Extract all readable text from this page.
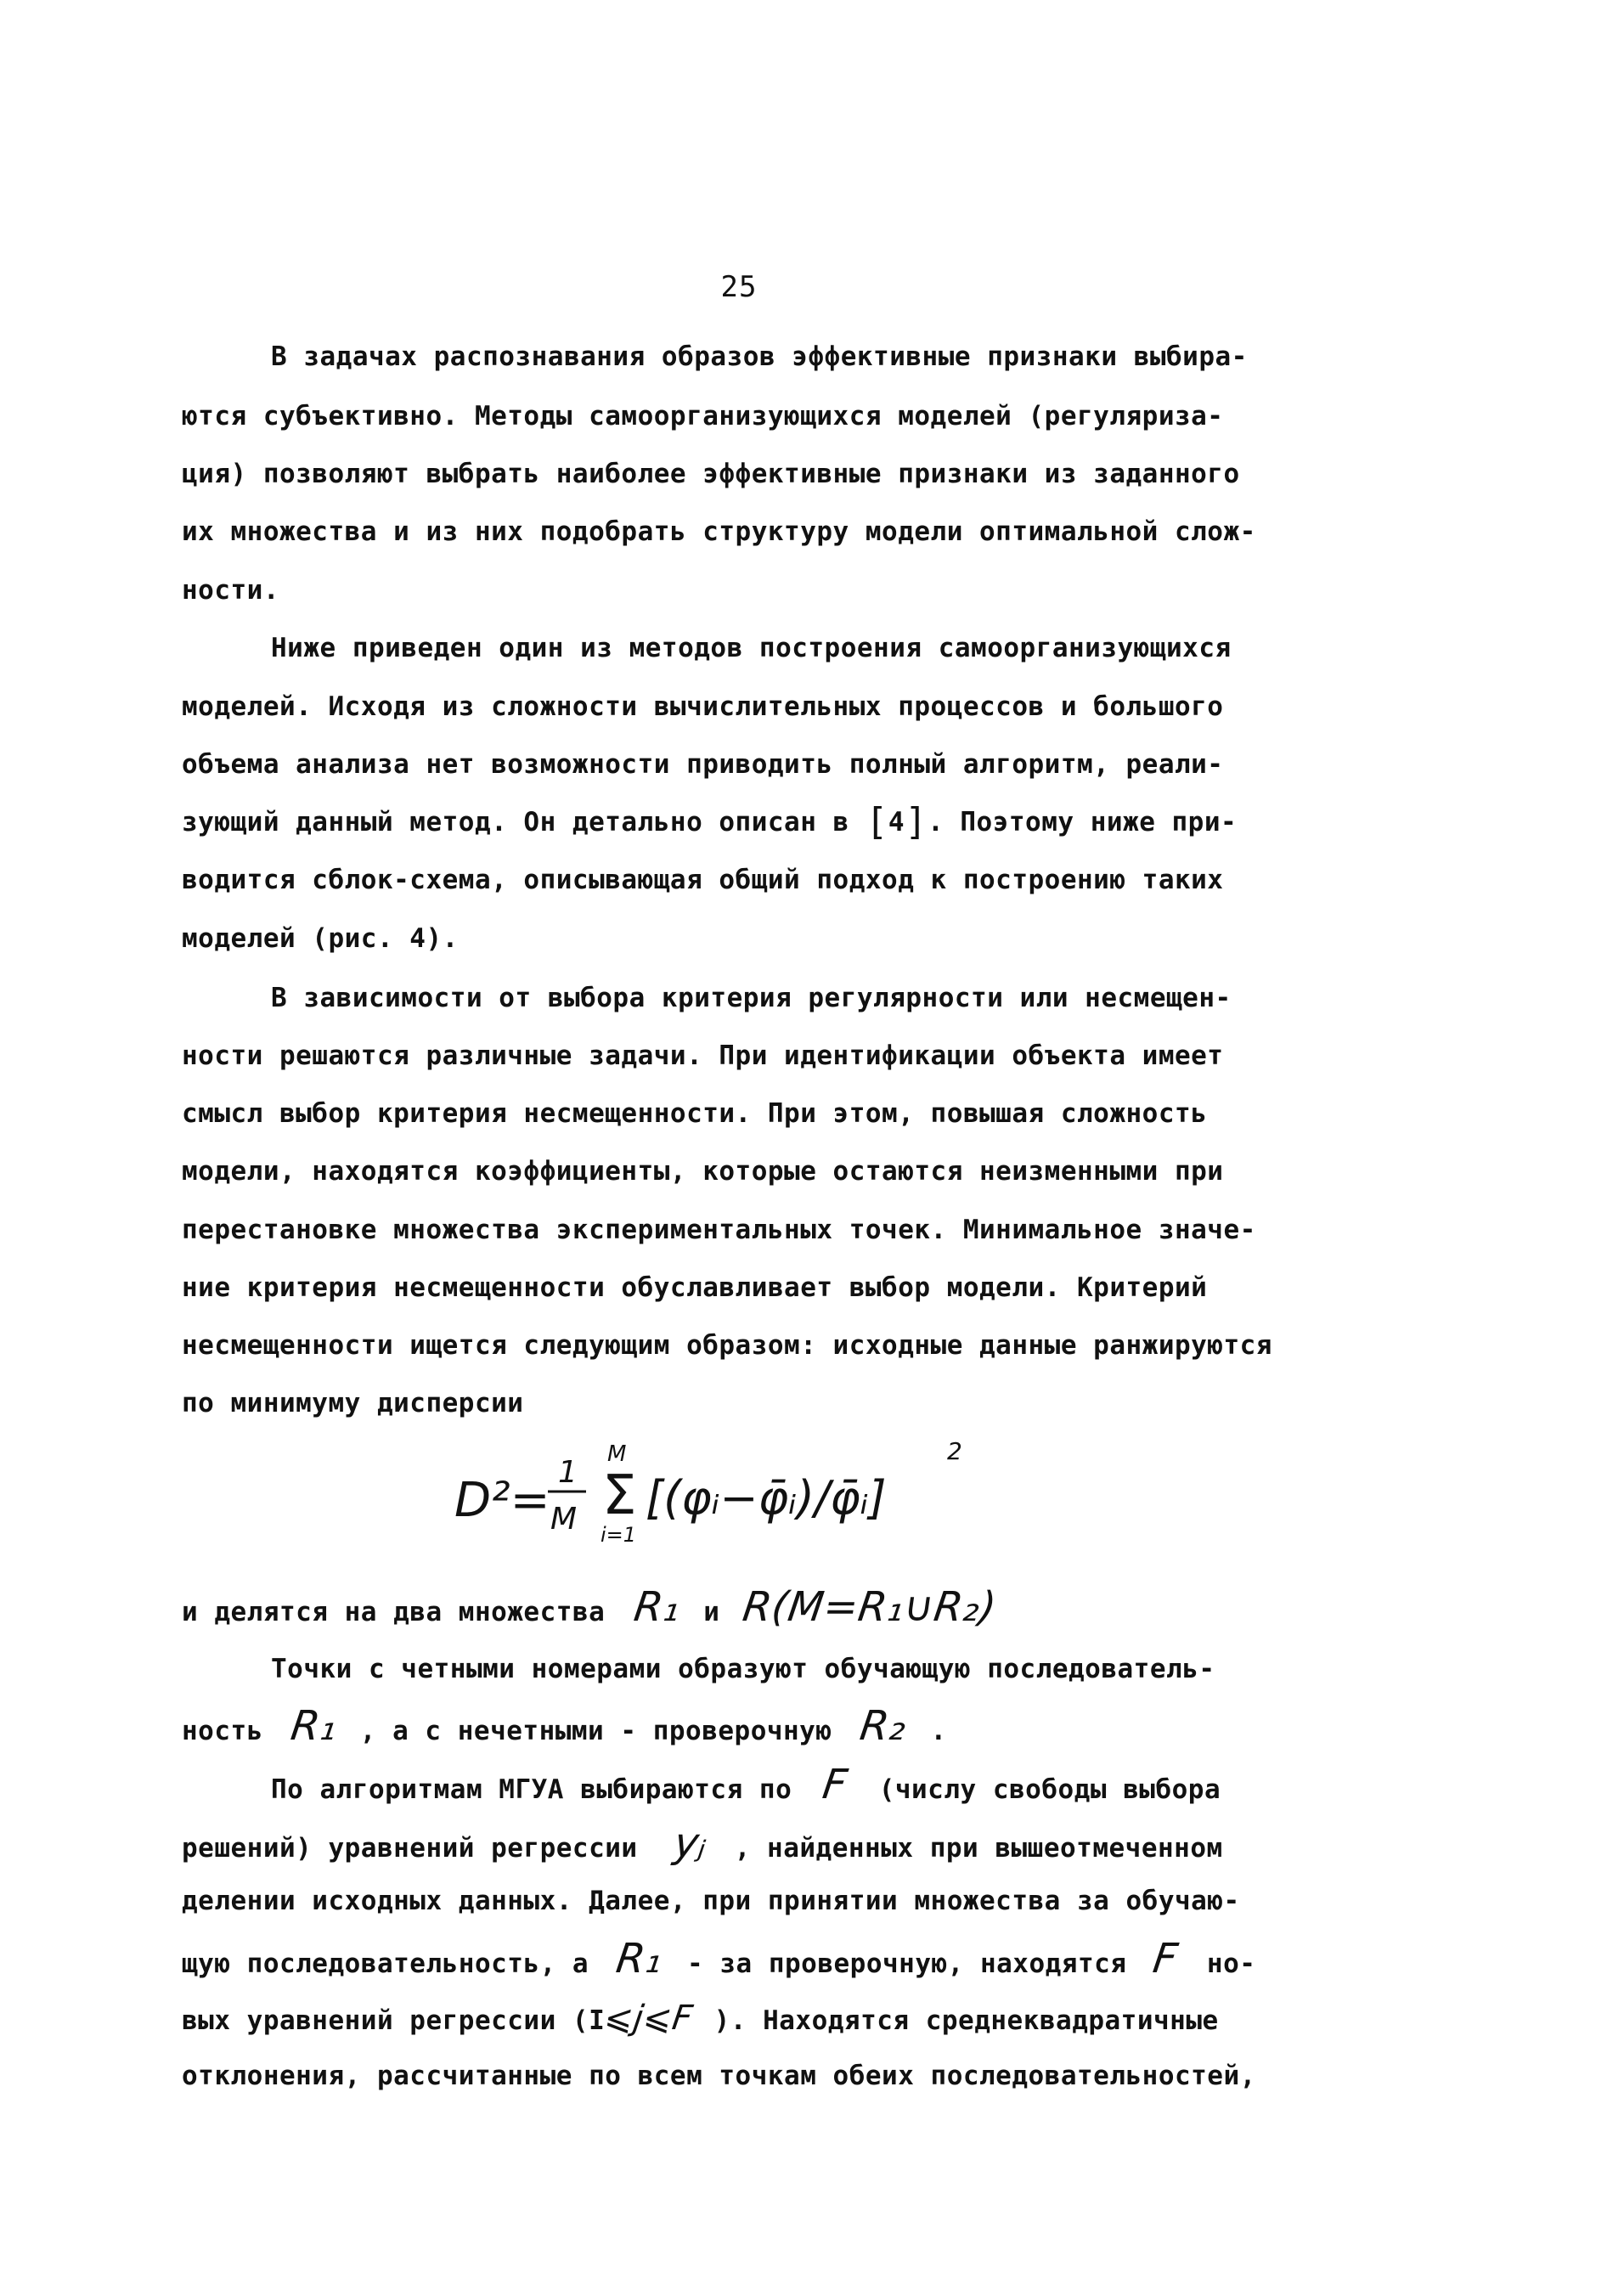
25
В задачах распознавания образов эффективные признаки выбира-
ются субъективно. Методы самоорганизующихся моделей (регуляриза-
ция) позволяют выбрать наиболее эффективные признаки из заданного
их множества и из них подобрать структуру модели оптимальной слож-
ности.
Ниже приведен один из методов построения самоорганизующихся
моделей. Исходя из сложности вычислительных процессов и большого
объема анализа нет возможности приводить полный алгоритм, реали-
зующий данный метод. Он детально описан в [4]. Поэтому ниже при-
водится сблок-схема, описывающая общий подход к построению таких
моделей (рис. 4).
В зависимости от выбора критерия регулярности или несмещен-
ности решаются различные задачи. При идентификации объекта имеет
смысл выбор критерия несмещенности. При этом, повышая сложность
модели, находятся коэффициенты, которые остаются неизменными при
перестановке множества экспериментальных точек. Минимальное значе-
ние критерия несмещенности обуславливает выбор модели. Критерий
несмещенности ищется следующим образом: исходные данные ранжируются
по минимуму дисперсии
и делятся на два множества R₁ и R(M=R₁∪R₂)
Точки с четными номерами образуют обучающую последователь-
ность R₁ , а с нечетными - проверочную R₂ .
По алгоритмам МГУА выбираются по F (числу свободы выбора
решений) уравнений регрессии yⱼ , найденных при вышеотмеченном
делении исходных данных. Далее, при принятии множества за обучаю-
щую последовательность, а R₁ - за проверочную, находятся F но-
вых уравнений регрессии (I⩽j⩽F ). Находятся среднеквадратичные
отклонения, рассчитанные по всем точкам обеих последовательностей,
D²=
1
M
M
Σ
i=1
[(φᵢ−φ̄ᵢ)/φ̄ᵢ]
2
